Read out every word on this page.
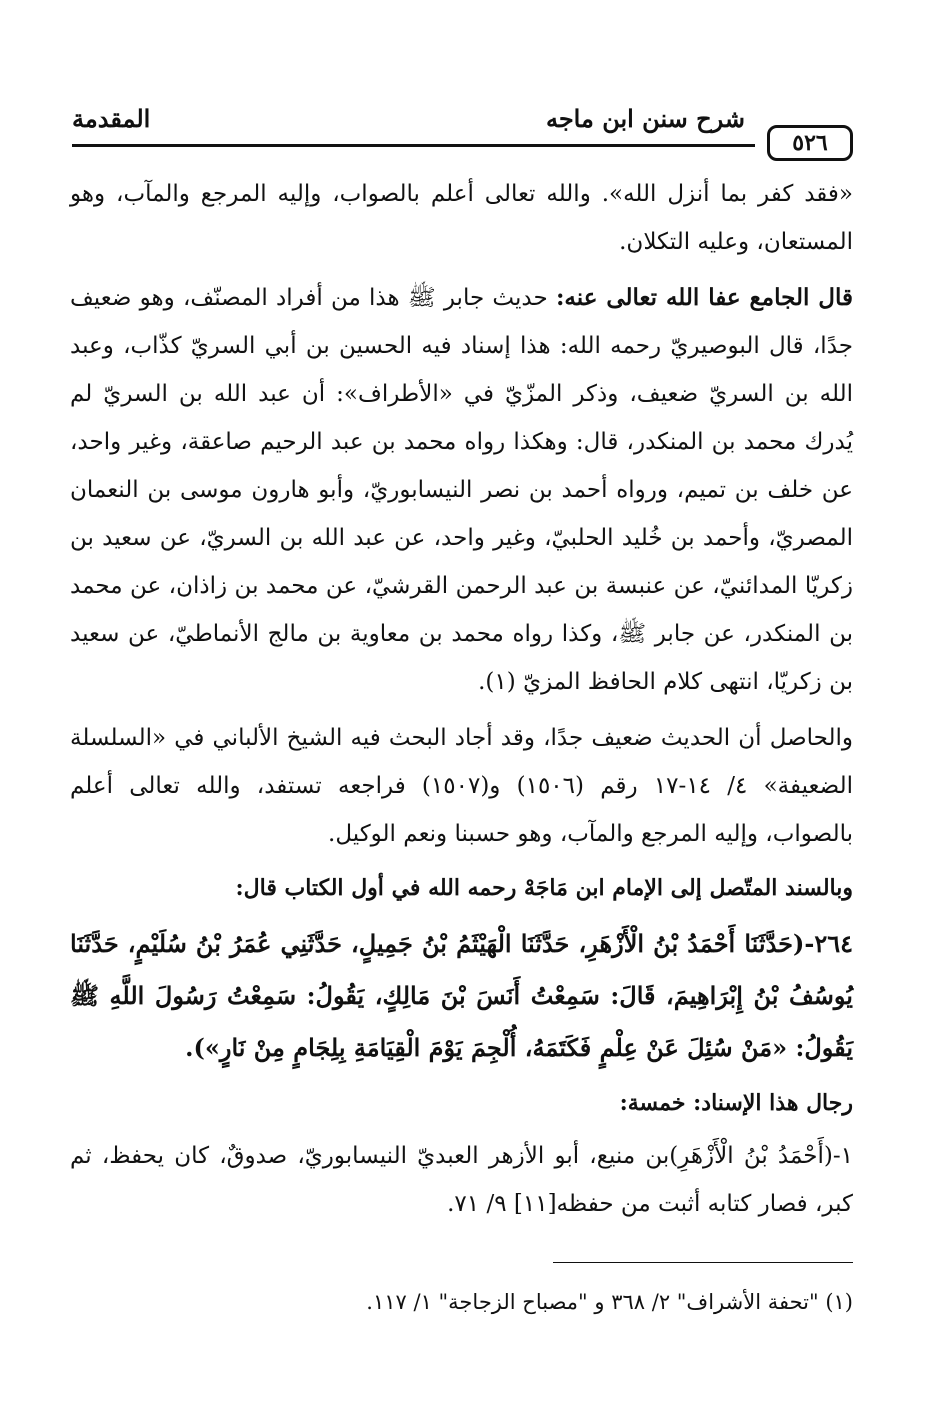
المقدمة	شرح سنن ابن ماجه
٥٢٦

«فقد كفر بما أنزل الله». والله تعالى أعلم بالصواب، وإليه المرجع والمآب، وهو المستعان، وعليه التكلان.

قال الجامع عفا الله تعالى عنه: حديث جابر ﷺ هذا من أفراد المصنّف، وهو ضعيف جدًا، قال البوصيريّ رحمه الله: هذا إسناد فيه الحسين بن أبي السريّ كذّاب، وعبد الله بن السريّ ضعيف، وذكر المزّيّ في «الأطراف»: أن عبد الله بن السريّ لم يُدرك محمد بن المنكدر، قال: وهكذا رواه محمد بن عبد الرحيم صاعقة، وغير واحد، عن خلف بن تميم، ورواه أحمد بن نصر النيسابوريّ، وأبو هارون موسى بن النعمان المصريّ، وأحمد بن خُليد الحلبيّ، وغير واحد، عن عبد الله بن السريّ، عن سعيد بن زكريّا المدائنيّ، عن عنبسة بن عبد الرحمن القرشيّ، عن محمد بن زاذان، عن محمد بن المنكدر، عن جابر ﷺ، وكذا رواه محمد بن معاوية بن مالج الأنماطيّ، عن سعيد بن زكريّا، انتهى كلام الحافظ المزيّ (١).

والحاصل أن الحديث ضعيف جدًا، وقد أجاد البحث فيه الشيخ الألباني في «السلسلة الضعيفة» ٤/ ١٤-١٧ رقم (١٥٠٦) و(١٥٠٧) فراجعه تستفد، والله تعالى أعلم بالصواب، وإليه المرجع والمآب، وهو حسبنا ونعم الوكيل.

وبالسند المتّصل إلى الإمام ابن مَاجَهْ رحمه الله في أول الكتاب قال:

٢٦٤-(حَدَّثَنَا أَحْمَدُ بْنُ الْأَزْهَرِ، حَدَّثَنَا الْهَيْثَمُ بْنُ جَمِيلٍ، حَدَّثَنِي عُمَرُ بْنُ سُلَيْمٍ، حَدَّثَنَا يُوسُفُ بْنُ إِبْرَاهِيمَ، قَالَ: سَمِعْتُ أَنَسَ بْنَ مَالِكٍ، يَقُولُ: سَمِعْتُ رَسُولَ اللَّهِ ﷺ يَقُولُ: «مَنْ سُئِلَ عَنْ عِلْمٍ فَكَتَمَهُ، أُلْجِمَ يَوْمَ الْقِيَامَةِ بِلِجَامٍ مِنْ نَارٍ»).

رجال هذا الإسناد: خمسة:

١-(أَحْمَدُ بْنُ الْأَزْهَرِ)بن منيع، أبو الأزهر العبديّ النيسابوريّ، صدوقٌ، كان يحفظ، ثم كبر، فصار كتابه أثبت من حفظه[١١] ٩/ ٧١.

(١) "تحفة الأشراف" ٢/ ٣٦٨ و "مصباح الزجاجة" ١/ ١١٧.
